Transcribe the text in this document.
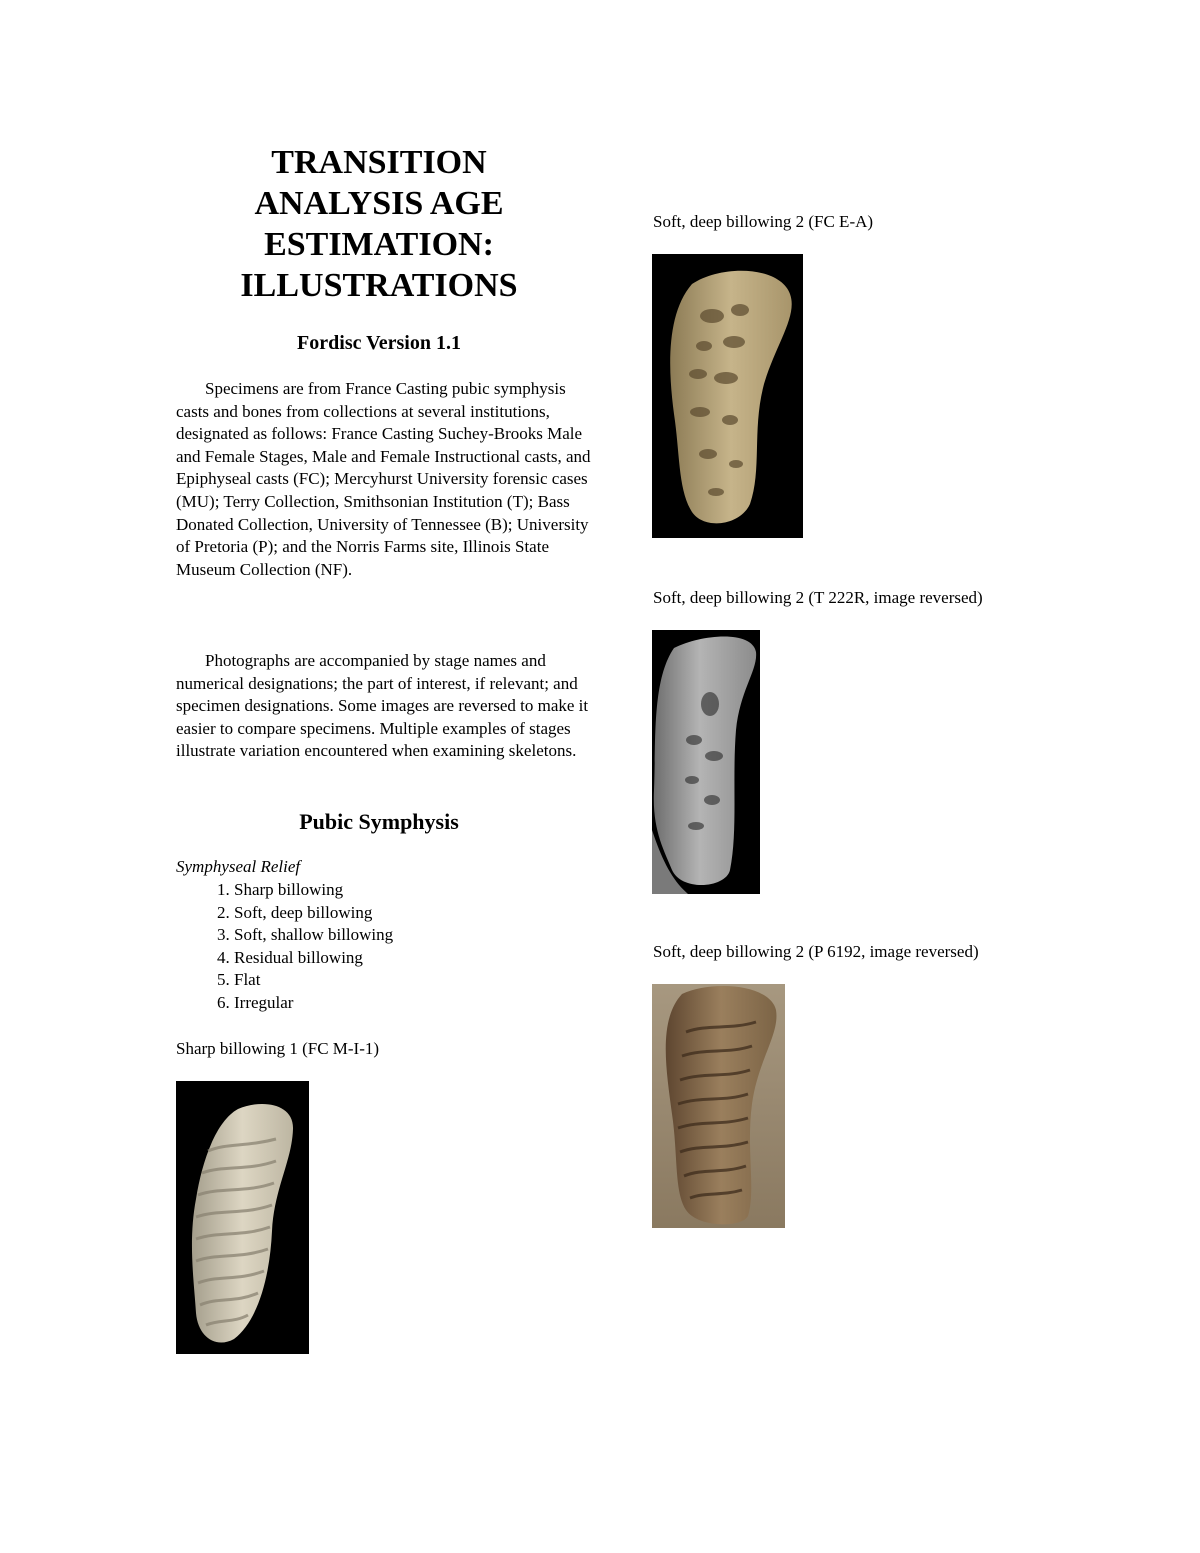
TRANSITION
ANALYSIS AGE
ESTIMATION:
ILLUSTRATIONS
Fordisc Version 1.1

Specimens are from France Casting pubic symphysis casts and bones from collections at several institutions, designated as follows: France Casting Suchey-Brooks Male and Female Stages, Male and Female Instructional casts, and Epiphyseal casts (FC); Mercyhurst University forensic cases (MU); Terry Collection, Smithsonian Institution (T); Bass Donated Collection, University of Tennessee (B); University of Pretoria (P); and the Norris Farms site, Illinois State Museum Collection (NF).

Photographs are accompanied by stage names and numerical designations; the part of interest, if relevant; and specimen designations. Some images are reversed to make it easier to compare specimens. Multiple examples of stages illustrate variation encountered when examining skeletons.

Pubic Symphysis
Symphyseal Relief
1. Sharp billowing
2. Soft, deep billowing
3. Soft, shallow billowing
4. Residual billowing
5. Flat
6. Irregular
Sharp billowing 1 (FC M-I-1)
Soft, deep billowing 2 (FC E-A)
Soft, deep billowing 2 (T 222R, image reversed)
Soft, deep billowing 2 (P 6192, image reversed)
